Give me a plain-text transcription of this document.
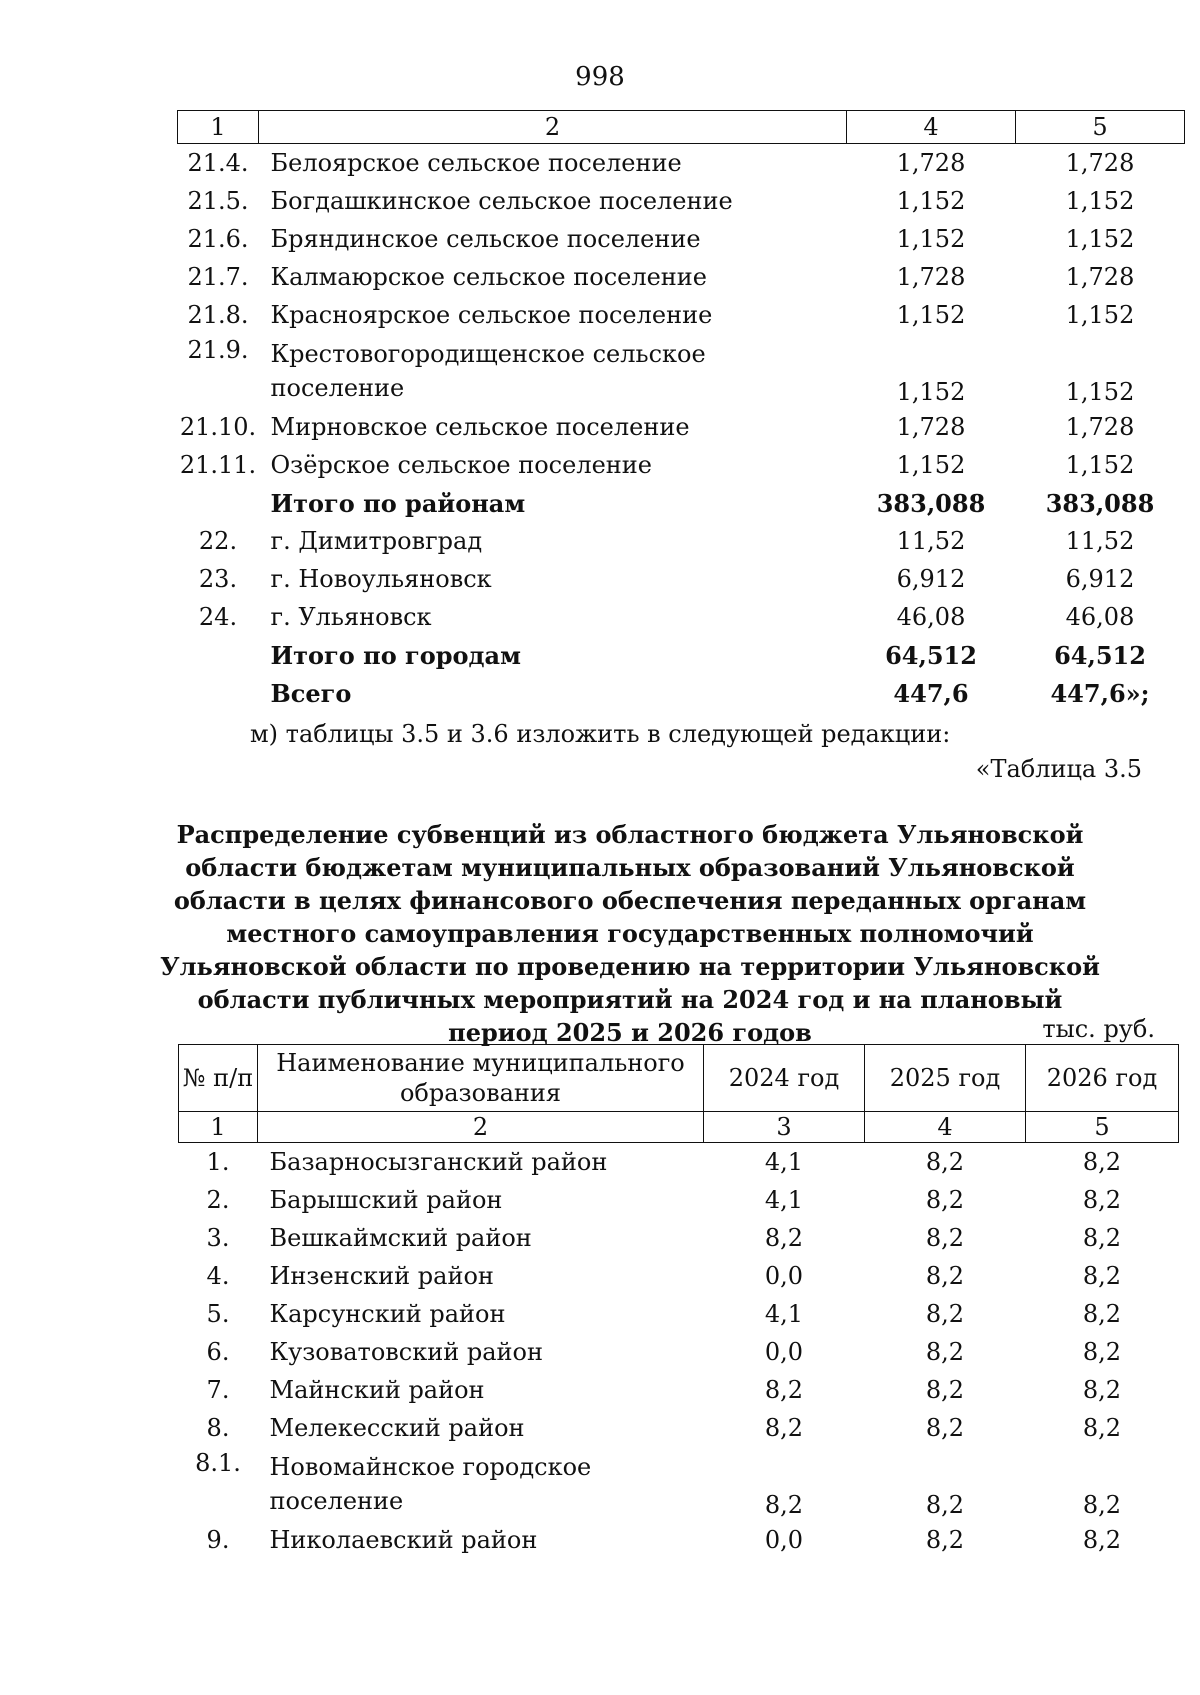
998
1	2	4	5
21.4.	Белоярское сельское поселение	1,728	1,728
21.5.	Богдашкинское сельское поселение	1,152	1,152
21.6.	Бряндинское сельское поселение	1,152	1,152
21.7.	Калмаюрское сельское поселение	1,728	1,728
21.8.	Красноярское сельское поселение	1,152	1,152
21.9.	Крестовогородищенское сельское поселение	1,152	1,152
21.10.	Мирновское сельское поселение	1,728	1,728
21.11.	Озёрское сельское поселение	1,152	1,152
	Итого по районам	383,088	383,088
22.	г. Димитровград	11,52	11,52
23.	г. Новоульяновск	6,912	6,912
24.	г. Ульяновск	46,08	46,08
	Итого по городам	64,512	64,512
	Всего	447,6	447,6»;
м) таблицы 3.5 и 3.6 изложить в следующей редакции:
«Таблица 3.5
Распределение субвенций из областного бюджета Ульяновской области бюджетам муниципальных образований Ульяновской области в целях финансового обеспечения переданных органам местного самоуправления государственных полномочий Ульяновской области по проведению на территории Ульяновской области публичных мероприятий на 2024 год и на плановый период 2025 и 2026 годов	тыс. руб.
№ п/п	Наименование муниципального образования	2024 год	2025 год	2026 год
1	2	3	4	5
1.	Базарносызганский район	4,1	8,2	8,2
2.	Барышский район	4,1	8,2	8,2
3.	Вешкаймский район	8,2	8,2	8,2
4.	Инзенский район	0,0	8,2	8,2
5.	Карсунский район	4,1	8,2	8,2
6.	Кузоватовский район	0,0	8,2	8,2
7.	Майнский район	8,2	8,2	8,2
8.	Мелекесский район	8,2	8,2	8,2
8.1.	Новомайнское городское поселение	8,2	8,2	8,2
9.	Николаевский район	0,0	8,2	8,2
